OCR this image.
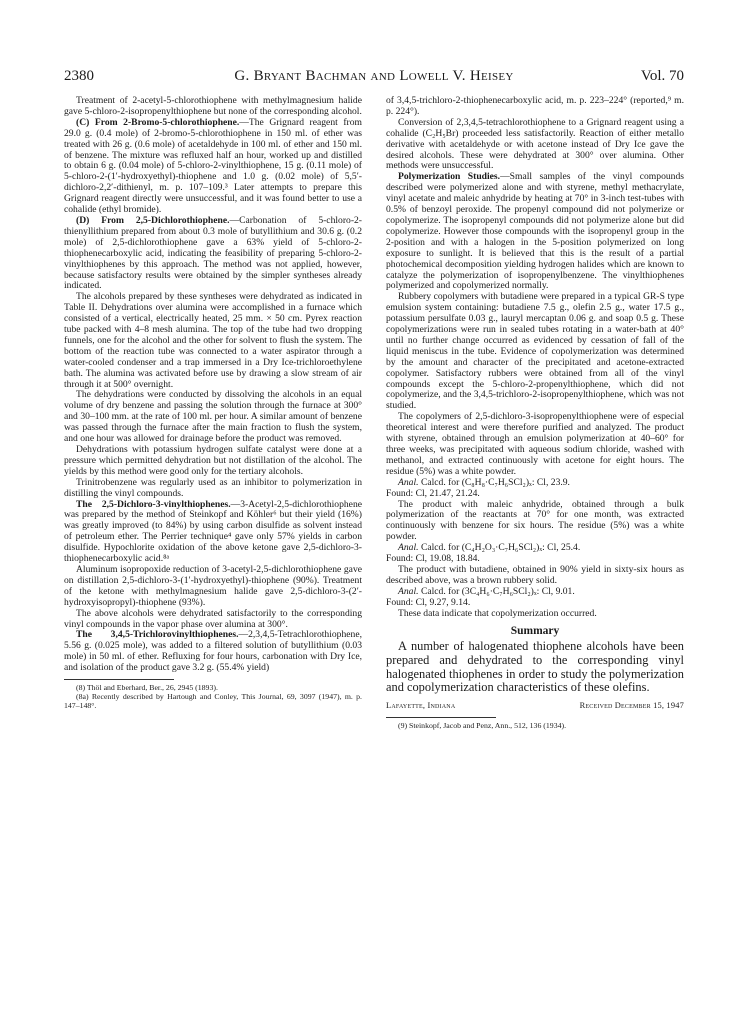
2380	G. Bryant Bachman and Lowell V. Heisey	Vol. 70

Treatment of 2-acetyl-5-chlorothiophene with methylmagnesium halide gave 5-chloro-2-isopropenylthiophene but none of the corresponding alcohol.

(C) From 2-Bromo-5-chlorothiophene.—The Grignard reagent from 29.0 g. (0.4 mole) of 2-bromo-5-chlorothiophene in 150 ml. of ether was treated with 26 g. (0.6 mole) of acetaldehyde in 100 ml. of ether and 150 ml. of benzene. The mixture was refluxed half an hour, worked up and distilled to obtain 6 g. (0.04 mole) of 5-chloro-2-vinylthiophene, 15 g. (0.11 mole) of 5-chloro-2-(1′-hydroxyethyl)-thiophene and 1.0 g. (0.02 mole) of 5,5′-dichloro-2,2′-dithienyl, m. p. 107–109.³ Later attempts to prepare this Grignard reagent directly were unsuccessful, and it was found better to use a cohalide (ethyl bromide).

(D) From 2,5-Dichlorothiophene.—Carbonation of 5-chloro-2-thienyllithium prepared from about 0.3 mole of butyllithium and 30.6 g. (0.2 mole) of 2,5-dichlorothiophene gave a 63% yield of 5-chloro-2-thiophenecarboxylic acid, indicating the feasibility of preparing 5-chloro-2-vinylthiophenes by this approach. The method was not applied, however, because satisfactory results were obtained by the simpler syntheses already indicated.

The alcohols prepared by these syntheses were dehydrated as indicated in Table II. Dehydrations over alumina were accomplished in a furnace which consisted of a vertical, electrically heated, 25 mm. × 50 cm. Pyrex reaction tube packed with 4–8 mesh alumina. The top of the tube had two dropping funnels, one for the alcohol and the other for solvent to flush the system. The bottom of the reaction tube was connected to a water aspirator through a water-cooled condenser and a trap immersed in a Dry Ice-trichloroethylene bath. The alumina was activated before use by drawing a slow stream of air through it at 500° overnight.

The dehydrations were conducted by dissolving the alcohols in an equal volume of dry benzene and passing the solution through the furnace at 300° and 30–100 mm. at the rate of 100 ml. per hour. A similar amount of benzene was passed through the furnace after the main fraction to flush the system, and one hour was allowed for drainage before the product was removed.

Dehydrations with potassium hydrogen sulfate catalyst were done at a pressure which permitted dehydration but not distillation of the alcohol. The yields by this method were good only for the tertiary alcohols.

Trinitrobenzene was regularly used as an inhibitor to polymerization in distilling the vinyl compounds.

The 2,5-Dichloro-3-vinylthiophenes.—3-Acetyl-2,5-dichlorothiophene was prepared by the method of Steinkopf and Köhler⁶ but their yield (16%) was greatly improved (to 84%) by using carbon disulfide as solvent instead of petroleum ether. The Perrier technique⁴ gave only 57% yields in carbon disulfide. Hypochlorite oxidation of the above ketone gave 2,5-dichloro-3-thiophenecarboxylic acid.⁸ᵃ

Aluminum isopropoxide reduction of 3-acetyl-2,5-dichlorothiophene gave on distillation 2,5-dichloro-3-(1′-hydroxyethyl)-thiophene (90%). Treatment of the ketone with methylmagnesium halide gave 2,5-dichloro-3-(2′-hydroxyisopropyl)-thiophene (93%).

The above alcohols were dehydrated satisfactorily to the corresponding vinyl compounds in the vapor phase over alumina at 300°.

The 3,4,5-Trichlorovinylthiophenes.—2,3,4,5-Tetrachlorothiophene, 5.56 g. (0.025 mole), was added to a filtered solution of butyllithium (0.03 mole) in 50 ml. of ether. Refluxing for four hours, carbonation with Dry Ice, and isolation of the product gave 3.2 g. (55.4% yield)

(8) Thöl and Eberhard, Ber., 26, 2945 (1893).

(8a) Recently described by Hartough and Conley, This Journal, 69, 3097 (1947), m. p. 147–148°.

of 3,4,5-trichloro-2-thiophenecarboxylic acid, m. p. 223–224° (reported,⁹ m. p. 224°).

Conversion of 2,3,4,5-tetrachlorothiophene to a Grignard reagent using a cohalide (C₂H₅Br) proceeded less satisfactorily. Reaction of either metallo derivative with acetaldehyde or with acetone instead of Dry Ice gave the desired alcohols. These were dehydrated at 300° over alumina. Other methods were unsuccessful.

Polymerization Studies.—Small samples of the vinyl compounds described were polymerized alone and with styrene, methyl methacrylate, vinyl acetate and maleic anhydride by heating at 70° in 3-inch test-tubes with 0.5% of benzoyl peroxide. The propenyl compound did not polymerize or copolymerize. The isopropenyl compounds did not polymerize alone but did copolymerize. However those compounds with the isopropenyl group in the 2-position and with a halogen in the 5-position polymerized on long exposure to sunlight. It is believed that this is the result of a partial photochemical decomposition yielding hydrogen halides which are known to catalyze the polymerization of isopropenylbenzene. The vinylthiophenes polymerized and copolymerized normally.

Rubbery copolymers with butadiene were prepared in a typical GR-S type emulsion system containing: butadiene 7.5 g., olefin 2.5 g., water 17.5 g., potassium persulfate 0.03 g., lauryl mercaptan 0.06 g. and soap 0.5 g. These copolymerizations were run in sealed tubes rotating in a water-bath at 40° until no further change occurred as evidenced by cessation of fall of the liquid meniscus in the tube. Evidence of copolymerization was determined by the amount and character of the precipitated and acetone-extracted copolymer. Satisfactory rubbers were obtained from all of the vinyl compounds except the 5-chloro-2-propenylthiophene, which did not copolymerize, and the 3,4,5-trichloro-2-isopropenylthiophene, which was not studied.

The copolymers of 2,5-dichloro-3-isopropenylthiophene were of especial theoretical interest and were therefore purified and analyzed. The product with styrene, obtained through an emulsion polymerization at 40–60° for three weeks, was precipitated with aqueous sodium chloride, washed with methanol, and extracted continuously with acetone for eight hours. The residue (5%) was a white powder.

Anal. Calcd. for (C₈H₈·C₇H₆SCl₂)ₓ: Cl, 23.9.
Found: Cl, 21.47, 21.24.

The product with maleic anhydride, obtained through a bulk polymerization of the reactants at 70° for one month, was extracted continuously with benzene for six hours. The residue (5%) was a white powder.

Anal. Calcd. for (C₄H₂O₃·C₇H₆SCl₂)ₓ: Cl, 25.4.
Found: Cl, 19.08, 18.84.

The product with butadiene, obtained in 90% yield in sixty-six hours as described above, was a brown rubbery solid.

Anal. Calcd. for (3C₄H₆·C₇H₆SCl₂)ₓ: Cl, 9.01.
Found: Cl, 9.27, 9.14.

These data indicate that copolymerization occurred.

Summary

A number of halogenated thiophene alcohols have been prepared and dehydrated to the corresponding vinyl halogenated thiophenes in order to study the polymerization and copolymerization characteristics of these olefins.

Lafayette, Indiana	Received December 15, 1947

(9) Steinkopf, Jacob and Penz, Ann., 512, 136 (1934).
